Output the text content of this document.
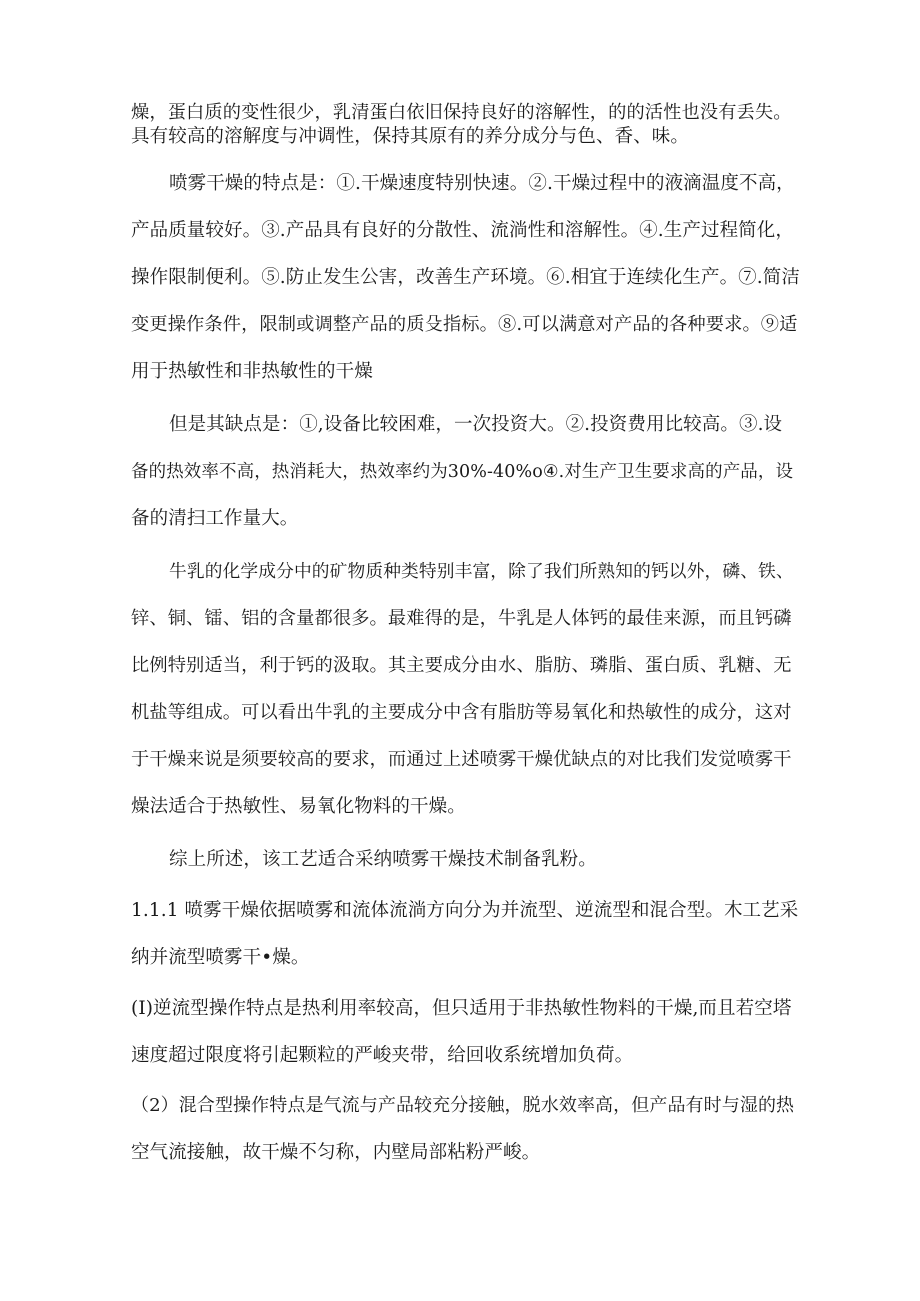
燥，蛋白质的变性很少，乳清蛋白依旧保持良好的溶解性，的的活性也没有丢失。
具有较高的溶解度与冲调性，保持其原有的养分成分与色、香、味。
喷雾干燥的特点是：①.干燥速度特别快速。②.干燥过程中的液滴温度不高，
产品质量较好。③.产品具有良好的分散性、流淌性和溶解性。④.生产过程简化，
操作限制便利。⑤.防止发生公害，改善生产环境。⑥.相宜于连续化生产。⑦.简洁
变更操作条件，限制或调整产品的质殳指标。⑧.可以满意对产品的各种要求。⑨适
用于热敏性和非热敏性的干燥
但是其缺点是：①,设备比较困难，一次投资大。②.投资费用比较高。③.设
备的热效率不高，热消耗大，热效率约为30%-40%o④.对生产卫生要求高的产品，设
备的清扫工作量大。
牛乳的化学成分中的矿物质种类特别丰富，除了我们所熟知的钙以外，磷、铁、
锌、铜、镭、铝的含量都很多。最难得的是，牛乳是人体钙的最佳来源，而且钙磷
比例特别适当，利于钙的汲取。其主要成分由水、脂肪、璘脂、蛋白质、乳糖、无
机盐等组成。可以看出牛乳的主要成分中含有脂肪等易氧化和热敏性的成分，这对
于干燥来说是须要较高的要求，而通过上述喷雾干燥优缺点的对比我们发觉喷雾干
燥法适合于热敏性、易氧化物料的干燥。
综上所述，该工艺适合采纳喷雾干燥技术制备乳粉。
1.1.1 喷雾干燥依据喷雾和流体流淌方向分为并流型、逆流型和混合型。木工艺采
纳并流型喷雾干•燥。
(I)逆流型操作特点是热利用率较高，但只适用于非热敏性物料的干燥,而且若空塔
速度超过限度将引起颗粒的严峻夹带，给回收系统增加负荷。
（2）混合型操作特点是气流与产品较充分接触，脱水效率高，但产品有时与湿的热
空气流接触，故干燥不匀称，内壁局部粘粉严峻。
